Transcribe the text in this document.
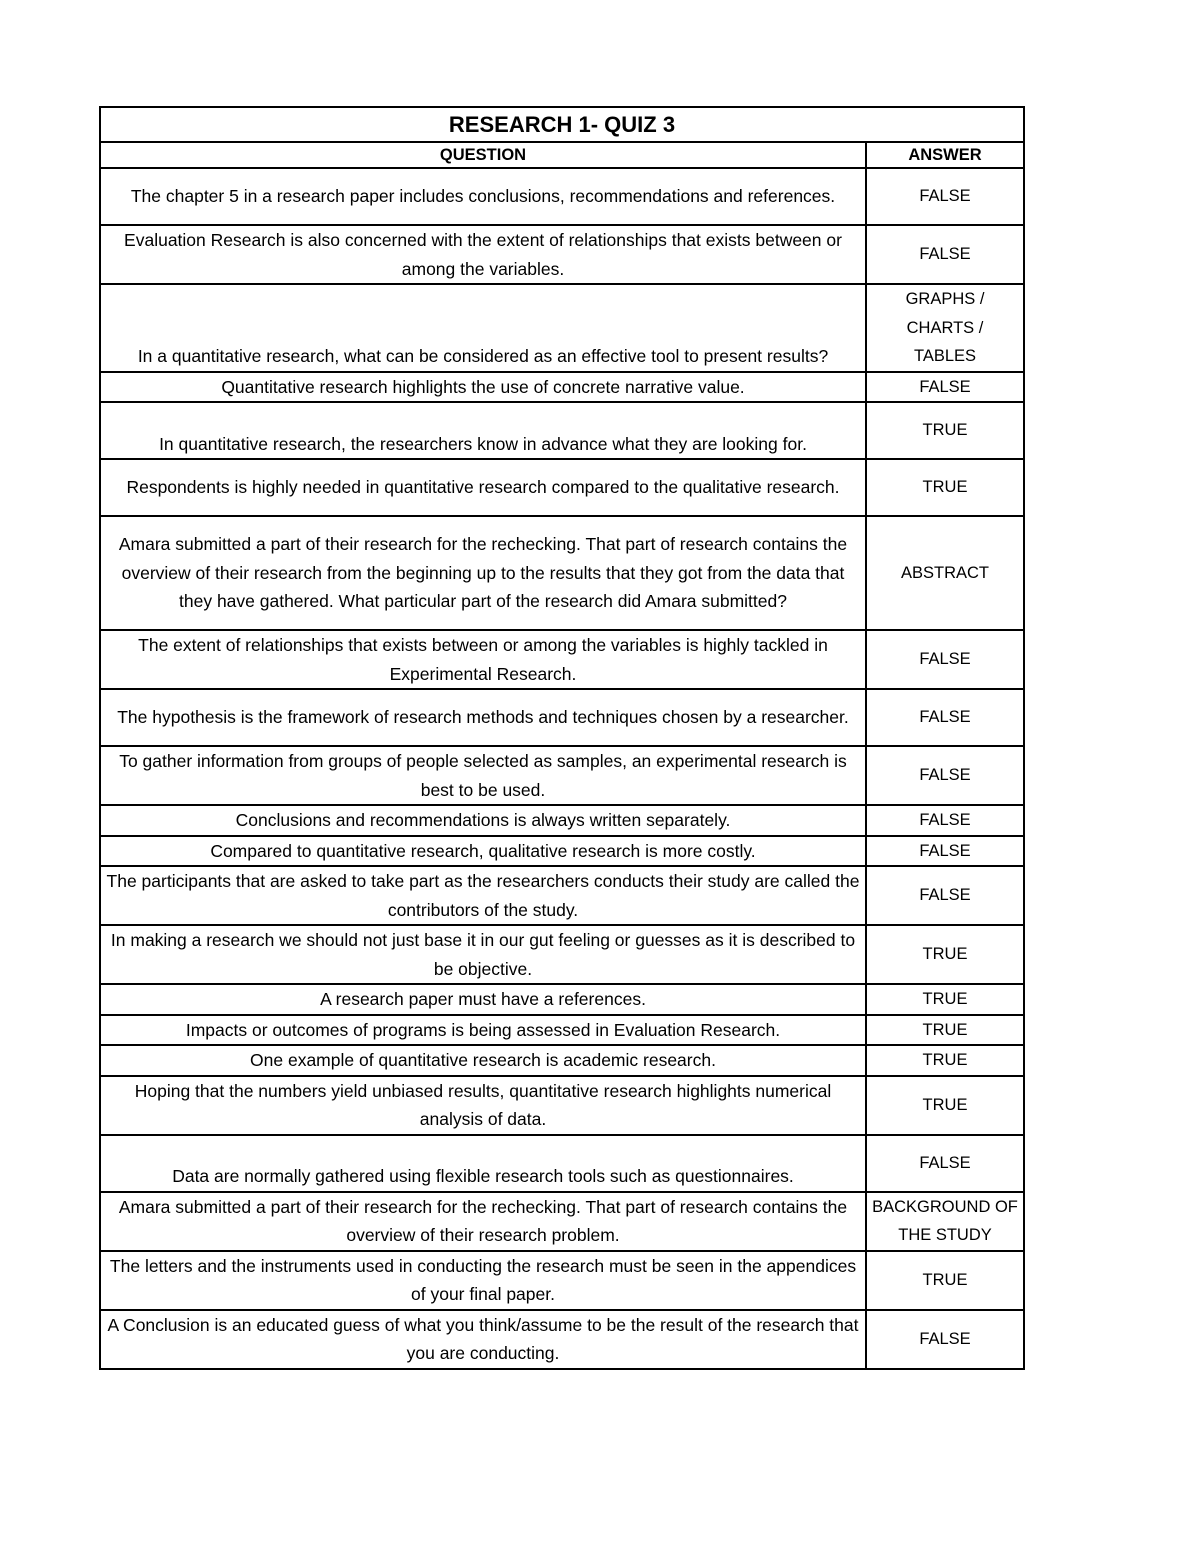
RESEARCH 1- QUIZ 3	
QUESTION	ANSWER
The chapter 5 in a research paper includes conclusions, recommendations and references.	FALSE
Evaluation Research is also concerned with the extent of relationships that exists between or among the variables.	FALSE

In a quantitative research, what can be considered as an effective tool to present results?	GRAPHS / CHARTS / TABLES
Quantitative research highlights the use of concrete narrative value.	FALSE
In quantitative research, the researchers know in advance what they are looking for.	TRUE
Respondents is highly needed in quantitative research compared to the qualitative research.	TRUE
Amara submitted a part of their research for the rechecking. That part of research contains the overview of their research from the beginning up to the results that they got from the data that they have gathered. What particular part of the research did Amara submitted?	ABSTRACT
The extent of relationships that exists between or among the variables is highly tackled in Experimental Research.	FALSE
The hypothesis is the framework of research methods and techniques chosen by a researcher.	FALSE
To gather information from groups of people selected as samples, an experimental research is best to be used.	FALSE
Conclusions and recommendations is always written separately.	FALSE
Compared to quantitative research, qualitative research is more costly.	FALSE
The participants that are asked to take part as the researchers conducts their study are called the contributors of the study.	FALSE
In making a research we should not just base it in our gut feeling or guesses as it is described to be objective.	TRUE
A research paper must have a references.	TRUE
Impacts or outcomes of programs is being assessed in Evaluation Research.	TRUE
One example of quantitative research is academic research.	TRUE
Hoping that the numbers yield unbiased results, quantitative research highlights numerical analysis of data.	TRUE
Data are normally gathered using flexible research tools such as questionnaires.	FALSE
Amara submitted a part of their research for the rechecking. That part of research contains the overview of their research problem.	BACKGROUND OF THE STUDY
The letters and the instruments used in conducting the research must be seen in the appendices of your final paper.	TRUE
A Conclusion is an educated guess of what you think/assume to be the result of the research that you are conducting.	FALSE
